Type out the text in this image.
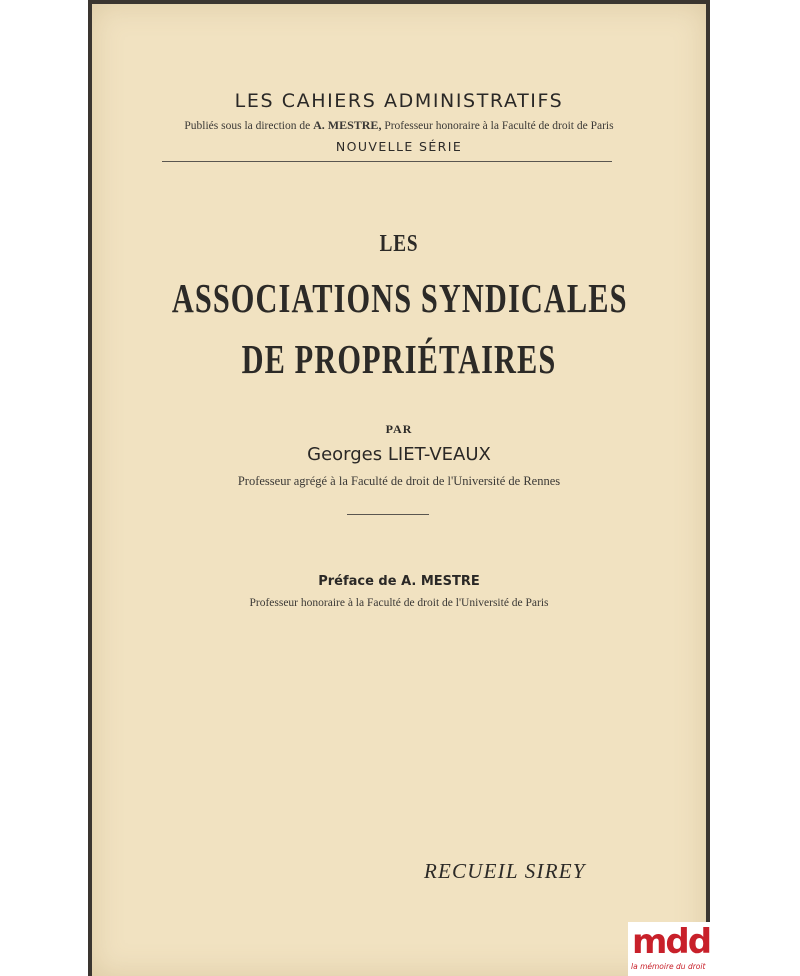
LES CAHIERS ADMINISTRATIFS
Publiés sous la direction de A. MESTRE, Professeur honoraire à la Faculté de droit de Paris
NOUVELLE SÉRIE
LES
ASSOCIATIONS SYNDICALES
DE PROPRIÉTAIRES
PAR
Georges LIET-VEAUX
Professeur agrégé à la Faculté de droit de l'Université de Rennes
Préface de A. MESTRE
Professeur honoraire à la Faculté de droit de l'Université de Paris
RECUEIL SIREY
mdd
la mémoire du droit
